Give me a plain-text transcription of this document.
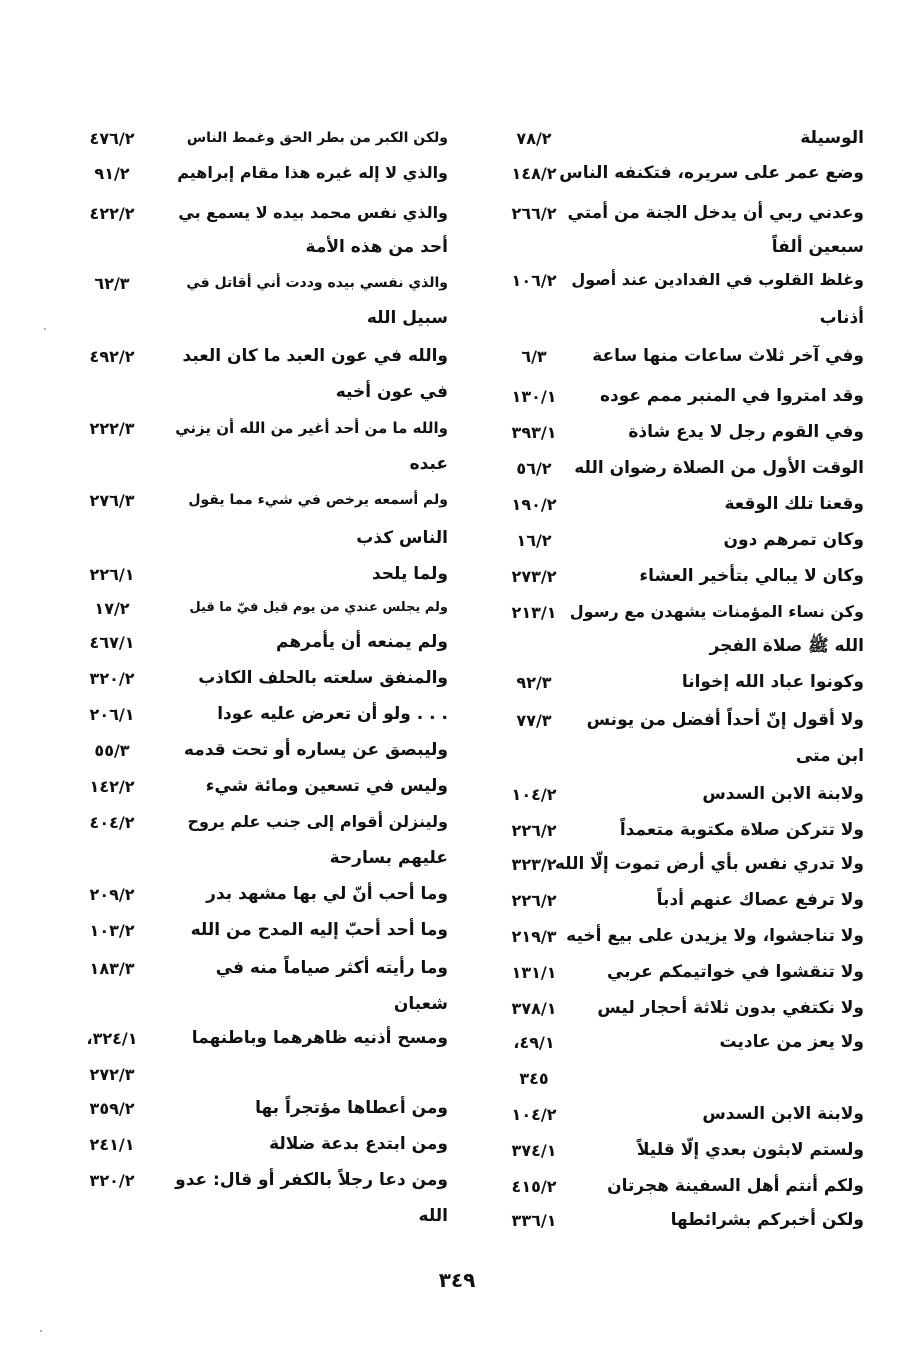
الوسيلة
٧٨/٢
وضع عمر على سريره، فتكنفه الناس
١٤٨/٢
وعدني ربي أن يدخل الجنة من أمتي
٢٦٦/٢
سبعين ألفاً
وغلظ القلوب في الفدادين عند أصول
١٠٦/٢
أذناب
وفي آخر ثلاث ساعات منها ساعة
٦/٣
وقد امتروا في المنبر ممم عوده
١٣٠/١
وفي القوم رجل لا يدع شاذة
٣٩٣/١
الوقت الأول من الصلاة رضوان الله
٥٦/٢
وقعنا تلك الوقعة
١٩٠/٢
وكان تمرهم دون
١٦/٢
وكان لا يبالي بتأخير العشاء
٢٧٣/٢
وكن نساء المؤمنات يشهدن مع رسول
٢١٣/١
الله ﷺ صلاة الفجر
وكونوا عباد الله إخوانا
٩٢/٣
ولا أقول إنّ أحداً أفضل من يونس
٧٧/٣
ابن متى
ولابنة الابن السدس
١٠٤/٢
ولا تتركن صلاة مكتوبة متعمداً
٢٢٦/٢
ولا تدري نفس بأي أرض تموت إلّا الله
٣٢٣/٢
ولا ترفع عصاك عنهم أدباً
٢٢٦/٢
ولا تناجشوا، ولا يزيدن على بيع أخيه
٢١٩/٣
ولا تنقشوا في خواتيمكم عربي
١٣١/١
ولا نكتفي بدون ثلاثة أحجار ليس
٣٧٨/١
ولا يعز من عاديت
٤٩/١،
٣٤٥
ولابنة الابن السدس
١٠٤/٢
ولستم لابثون بعدي إلّا قليلاً
٣٧٤/١
ولكم أنتم أهل السفينة هجرتان
٤١٥/٢
ولكن أخبركم بشرائطها
٣٣٦/١
ولكن الكبر من بطر الحق وغمط الناس
٤٧٦/٢
والذي لا إله غيره هذا مقام إبراهيم
٩١/٢
والذي نفس محمد بيده لا يسمع بي
٤٢٢/٢
أحد من هذه الأمة
والذي نفسي بيده وددت أني أقاتل في
٦٢/٣
سبيل الله
والله في عون العبد ما كان العبد
٤٩٢/٢
في عون أخيه
والله ما من أحد أغير من الله أن يزني
٢٢٢/٣
عبده
ولم أسمعه يرخص في شيء مما يقول
٢٧٦/٣
الناس كذب
ولما يلحد
٢٢٦/١
ولم يجلس عندي من يوم قيل فيّ ما قيل
١٧/٢
ولم يمنعه أن يأمرهم
٤٦٧/١
والمنفق سلعته بالحلف الكاذب
٣٢٠/٢
. . . ولو أن تعرض عليه عودا
٢٠٦/١
وليبصق عن يساره أو تحت قدمه
٥٥/٣
وليس في تسعين ومائة شيء
١٤٢/٢
ولينزلن أقوام إلى جنب علم يروح
٤٠٤/٢
عليهم بسارحة
وما أحب أنّ لي بها مشهد بدر
٢٠٩/٢
وما أحد أحبّ إليه المدح من الله
١٠٣/٢
وما رأيته أكثر صياماً منه في
١٨٣/٣
شعبان
ومسح أذنيه ظاهرهما وباطنهما
٣٢٤/١،
٢٧٢/٣
ومن أعطاها مؤتجراً بها
٣٥٩/٢
ومن ابتدع بدعة ضلالة
٢٤١/١
ومن دعا رجلاً بالكفر أو قال: عدو
٣٢٠/٢
الله
٣٤٩
